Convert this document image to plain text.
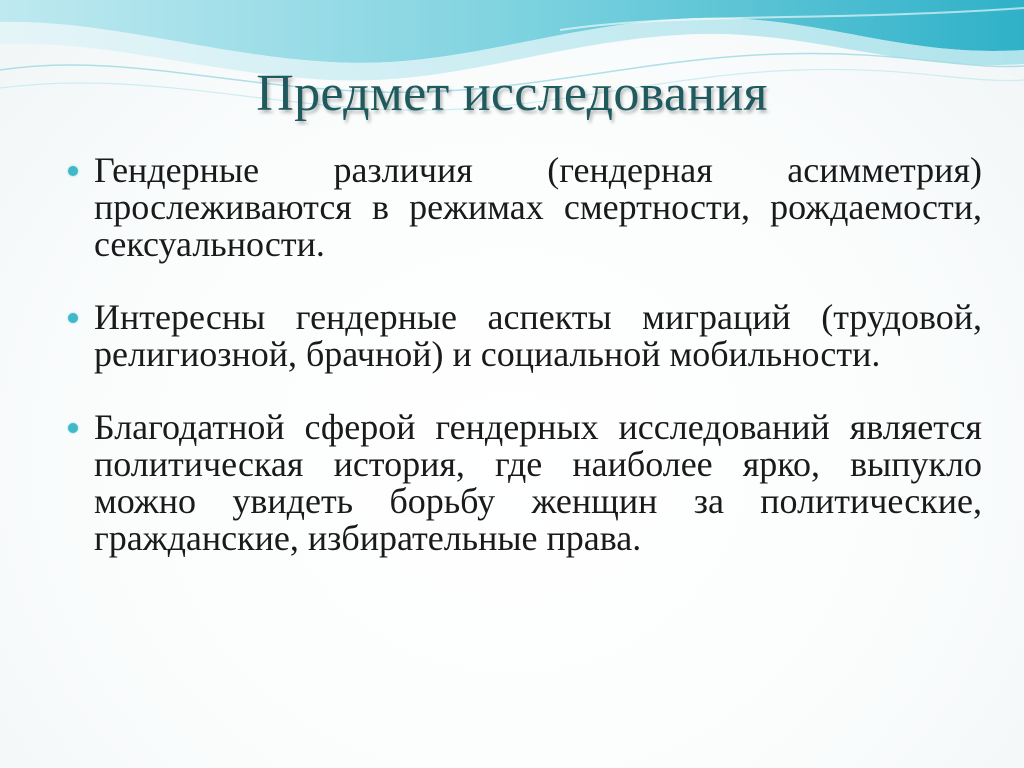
Предмет исследования
Гендерные различия (гендерная асимметрия) прослеживаются в режимах смертности, рождаемости, сексуальности.
Интересны гендерные аспекты миграций (трудовой, религиозной, брачной) и социальной мобильности.
Благодатной сферой гендерных исследований является политическая история, где наиболее ярко, выпукло можно увидеть борьбу женщин за политические, гражданские, избирательные права.
